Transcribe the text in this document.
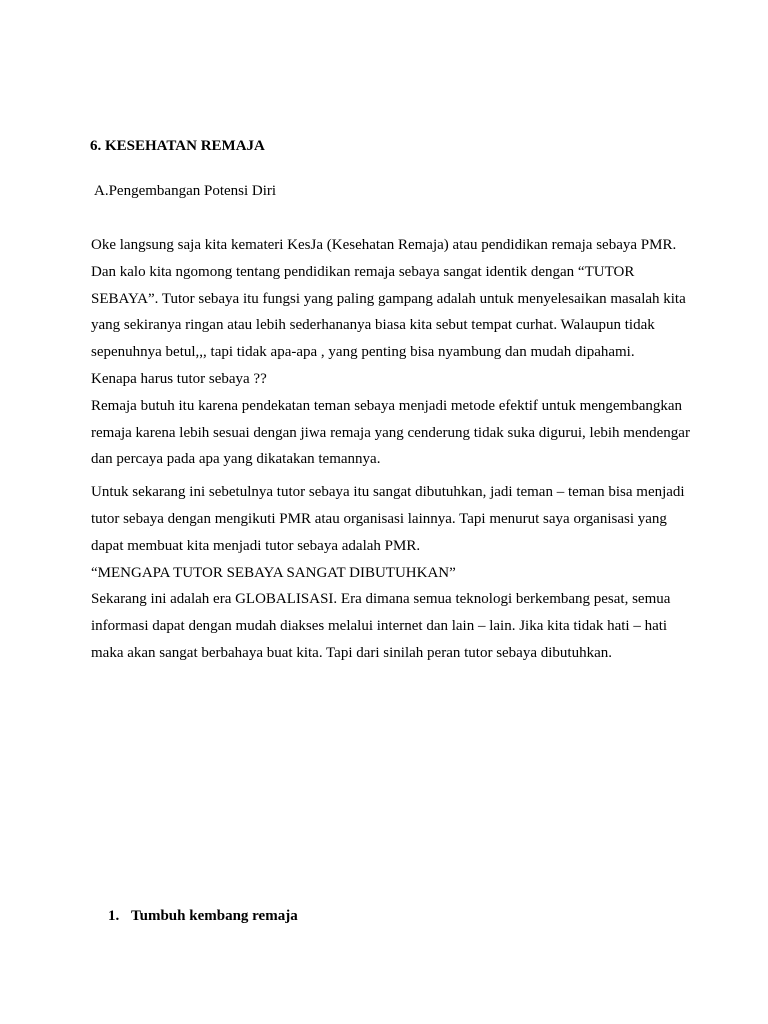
6. KESEHATAN REMAJA

A.Pengembangan Potensi Diri

Oke langsung saja kita kemateri KesJa (Kesehatan Remaja) atau pendidikan remaja sebaya PMR. Dan kalo kita ngomong tentang pendidikan remaja sebaya sangat identik dengan “TUTOR SEBAYA”. Tutor sebaya itu fungsi yang paling gampang adalah untuk menyelesaikan masalah kita yang sekiranya ringan atau lebih sederhananya biasa kita sebut tempat curhat. Walaupun tidak sepenuhnya betul,,, tapi tidak apa-apa , yang penting bisa nyambung dan mudah dipahami.

Kenapa harus tutor sebaya ??

Remaja butuh itu karena pendekatan teman sebaya menjadi metode efektif untuk mengembangkan remaja karena lebih sesuai dengan jiwa remaja yang cenderung tidak suka digurui, lebih mendengar dan percaya pada apa yang dikatakan temannya.

Untuk sekarang ini sebetulnya tutor sebaya itu sangat dibutuhkan, jadi teman – teman bisa menjadi tutor sebaya dengan mengikuti PMR atau organisasi lainnya. Tapi menurut saya organisasi yang dapat membuat kita menjadi tutor sebaya adalah PMR.

“MENGAPA TUTOR SEBAYA SANGAT DIBUTUHKAN”

Sekarang ini adalah era GLOBALISASI. Era dimana semua teknologi berkembang pesat, semua informasi dapat dengan mudah diakses melalui internet dan lain – lain. Jika kita tidak hati – hati maka akan sangat berbahaya buat kita. Tapi dari sinilah peran tutor sebaya dibutuhkan.

1. Tumbuh kembang remaja
